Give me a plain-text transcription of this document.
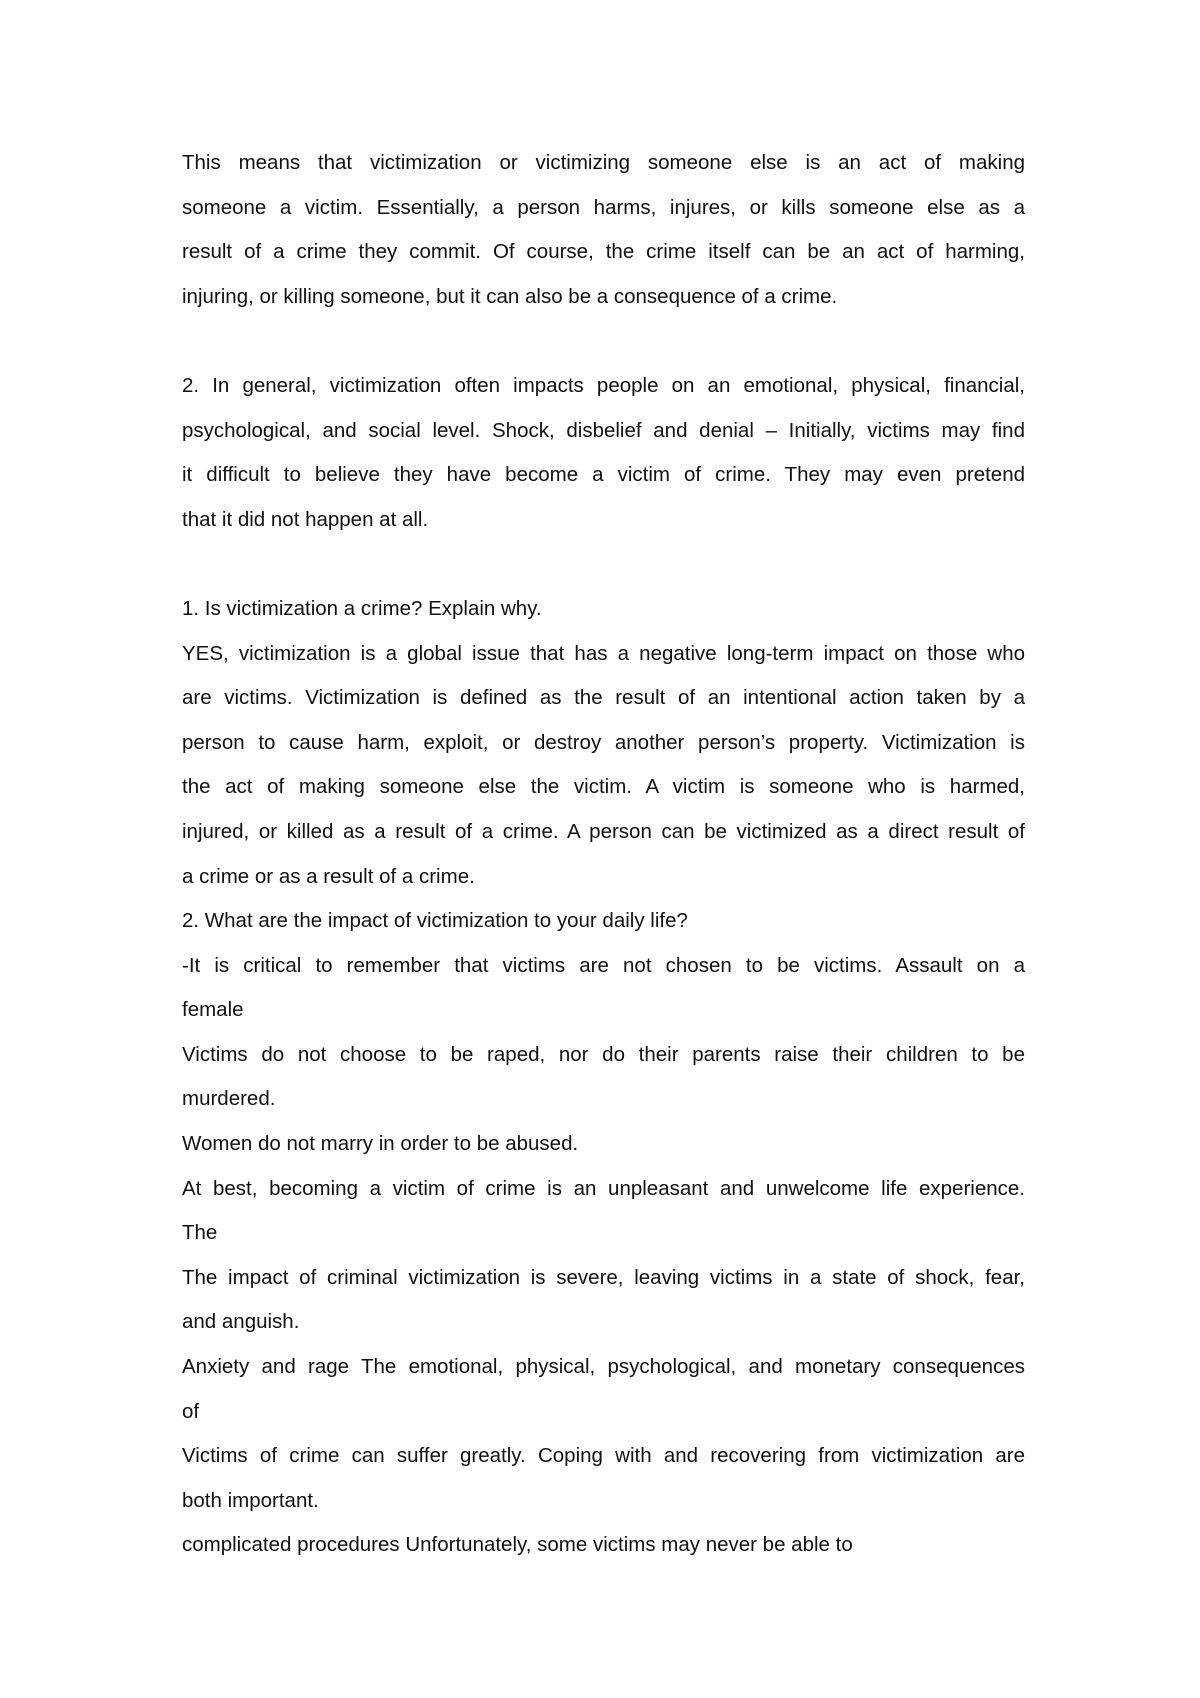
This means that victimization or victimizing someone else is an act of making
someone a victim. Essentially, a person harms, injures, or kills someone else as a
result of a crime they commit. Of course, the crime itself can be an act of harming,
injuring, or killing someone, but it can also be a consequence of a crime.
2. In general, victimization often impacts people on an emotional, physical, financial,
psychological, and social level. Shock, disbelief and denial – Initially, victims may find
it difficult to believe they have become a victim of crime. They may even pretend
that it did not happen at all.
1. Is victimization a crime? Explain why.
YES, victimization is a global issue that has a negative long-term impact on those who
are victims. Victimization is defined as the result of an intentional action taken by a
person to cause harm, exploit, or destroy another person’s property. Victimization is
the act of making someone else the victim. A victim is someone who is harmed,
injured, or killed as a result of a crime. A person can be victimized as a direct result of
a crime or as a result of a crime.
2. What are the impact of victimization to your daily life?
-It is critical to remember that victims are not chosen to be victims. Assault on a
female
Victims do not choose to be raped, nor do their parents raise their children to be
murdered.
Women do not marry in order to be abused.
At best, becoming a victim of crime is an unpleasant and unwelcome life experience.
The
The impact of criminal victimization is severe, leaving victims in a state of shock, fear,
and anguish.
Anxiety and rage The emotional, physical, psychological, and monetary consequences
of
Victims of crime can suffer greatly. Coping with and recovering from victimization are
both important.
complicated procedures Unfortunately, some victims may never be able to
